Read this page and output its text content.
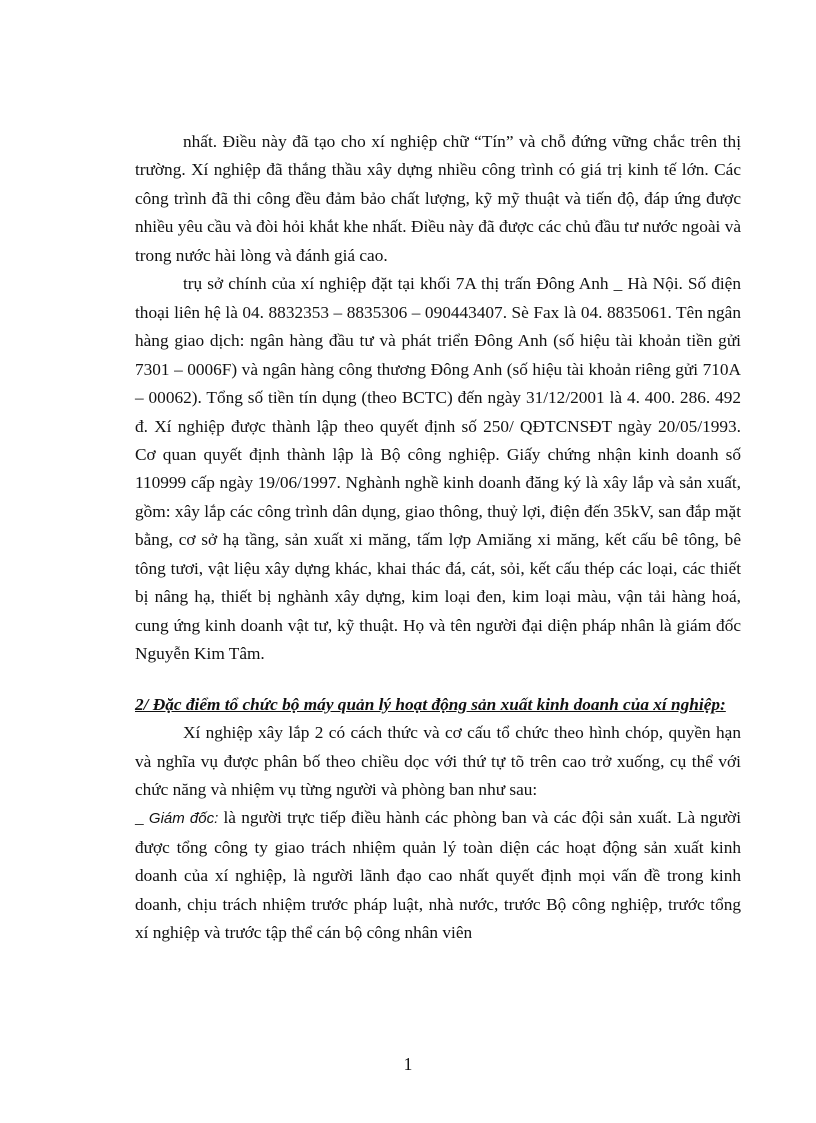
nhất. Điều này đã tạo cho xí nghiệp chữ “Tín” và chỗ đứng vững chắc trên thị trường. Xí nghiệp đã thắng thầu xây dựng nhiều công trình có giá trị kinh tế lớn. Các công trình đã thi công đều đảm bảo chất lượng, kỹ mỹ thuật và tiến độ, đáp ứng được nhiều yêu cầu và đòi hỏi khắt khe nhất. Điều này đã được các chủ đầu tư nước ngoài và trong nước hài lòng và đánh giá cao.

trụ sở chính của xí nghiệp đặt tại khối 7A thị trấn Đông Anh _ Hà Nội. Số điện thoại liên hệ là 04. 8832353 – 8835306 – 090443407. Sè Fax là 04. 8835061. Tên ngân hàng giao dịch: ngân hàng đầu tư và phát triển Đông Anh (số hiệu tài khoản tiền gửi 7301 – 0006F) và ngân hàng công thương Đông Anh (số hiệu tài khoản riêng gửi 710A – 00062). Tổng số tiền tín dụng (theo BCTC) đến ngày 31/12/2001 là 4. 400. 286. 492 đ. Xí nghiệp được thành lập theo quyết định số 250/ QĐTCNSĐT ngày 20/05/1993. Cơ quan quyết định thành lập là Bộ công nghiệp. Giấy chứng nhận kinh doanh số 110999 cấp ngày 19/06/1997. Nghành nghề kinh doanh đăng ký là xây lắp và sản xuất, gồm: xây lắp các công trình dân dụng, giao thông, thuỷ lợi, điện đến 35kV, san đắp mặt bằng, cơ sở hạ tầng, sản xuất xi măng, tấm lợp Amiăng xi măng, kết cấu bê tông, bê tông tươi, vật liệu xây dựng khác, khai thác đá, cát, sỏi, kết cấu thép các loại, các thiết bị nâng hạ, thiết bị nghành xây dựng, kim loại đen, kim loại màu, vận tải hàng hoá, cung ứng kinh doanh vật tư, kỹ thuật. Họ và tên người đại diện pháp nhân là giám đốc Nguyễn Kim Tâm.

2/ Đặc điểm tổ chức bộ máy quản lý hoạt động sản xuất kinh doanh của xí nghiệp:

Xí nghiệp xây lắp 2 có cách thức và cơ cấu tổ chức theo hình chóp, quyền hạn và nghĩa vụ được phân bố theo chiều dọc với thứ tự tõ trên cao trở xuống, cụ thể với chức năng và nhiệm vụ từng người và phòng ban như sau:

_ Giám đốc: là người trực tiếp điều hành các phòng ban và các đội sản xuất. Là người được tổng công ty giao trách nhiệm quản lý toàn diện các hoạt động sản xuất kinh doanh của xí nghiệp, là người lãnh đạo cao nhất quyết định mọi vấn đề trong kinh doanh, chịu trách nhiệm trước pháp luật, nhà nước, trước Bộ công nghiệp, trước tổng xí nghiệp và trước tập thể cán bộ công nhân viên

1
